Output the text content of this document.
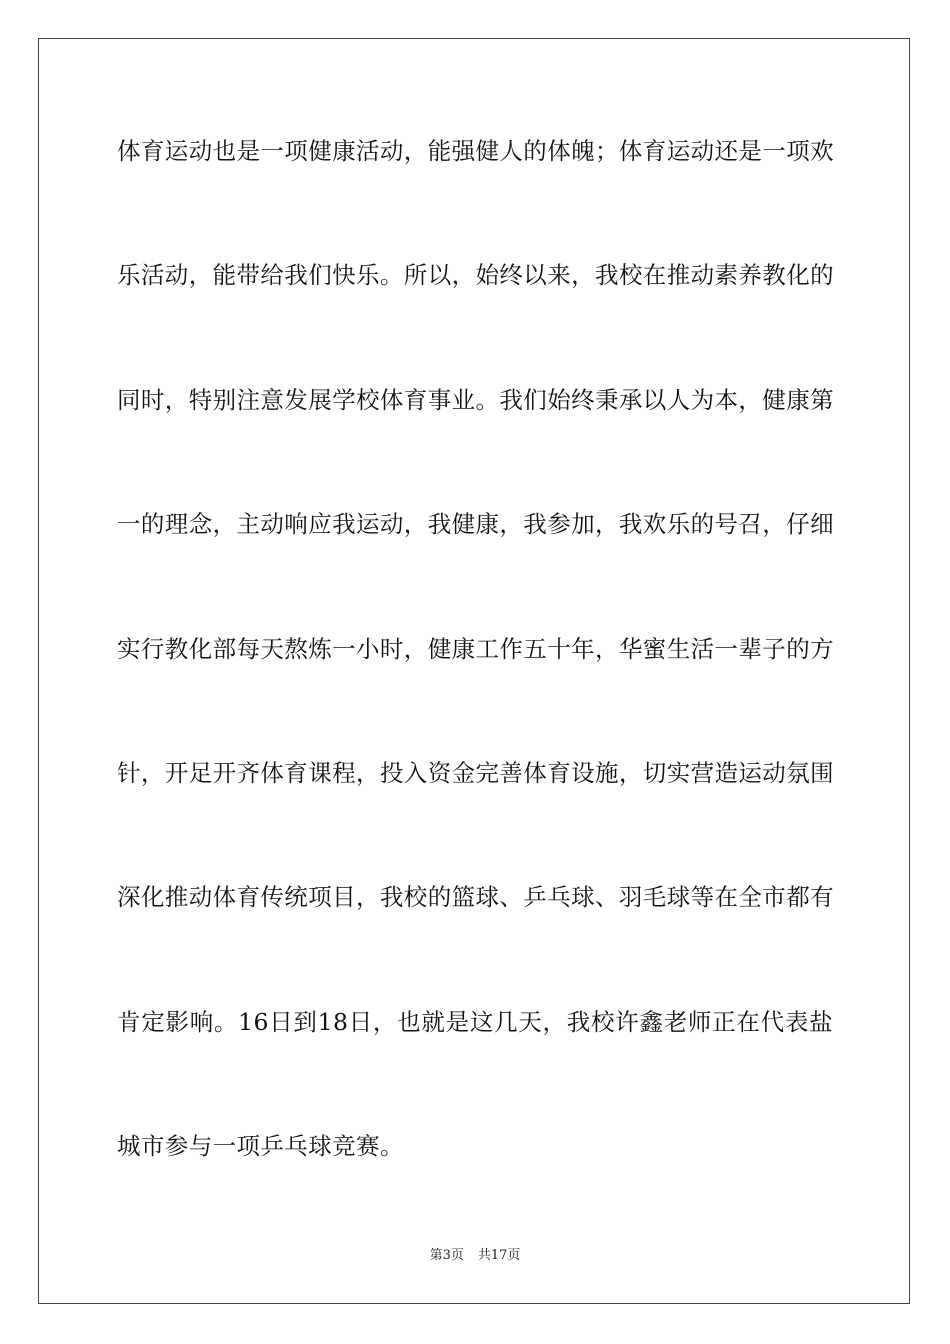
体育运动也是一项健康活动，能强健人的体魄；体育运动还是一项欢
乐活动，能带给我们快乐。所以，始终以来，我校在推动素养教化的
同时，特别注意发展学校体育事业。我们始终秉承以人为本，健康第
一的理念，主动响应我运动，我健康，我参加，我欢乐的号召，仔细
实行教化部每天熬炼一小时，健康工作五十年，华蜜生活一辈子的方
针，开足开齐体育课程，投入资金完善体育设施，切实营造运动氛围
深化推动体育传统项目，我校的篮球、乒乓球、羽毛球等在全市都有
肯定影响。16日到18日，也就是这几天，我校许鑫老师正在代表盐
城市参与一项乒乓球竞赛。
第3页 共17页
